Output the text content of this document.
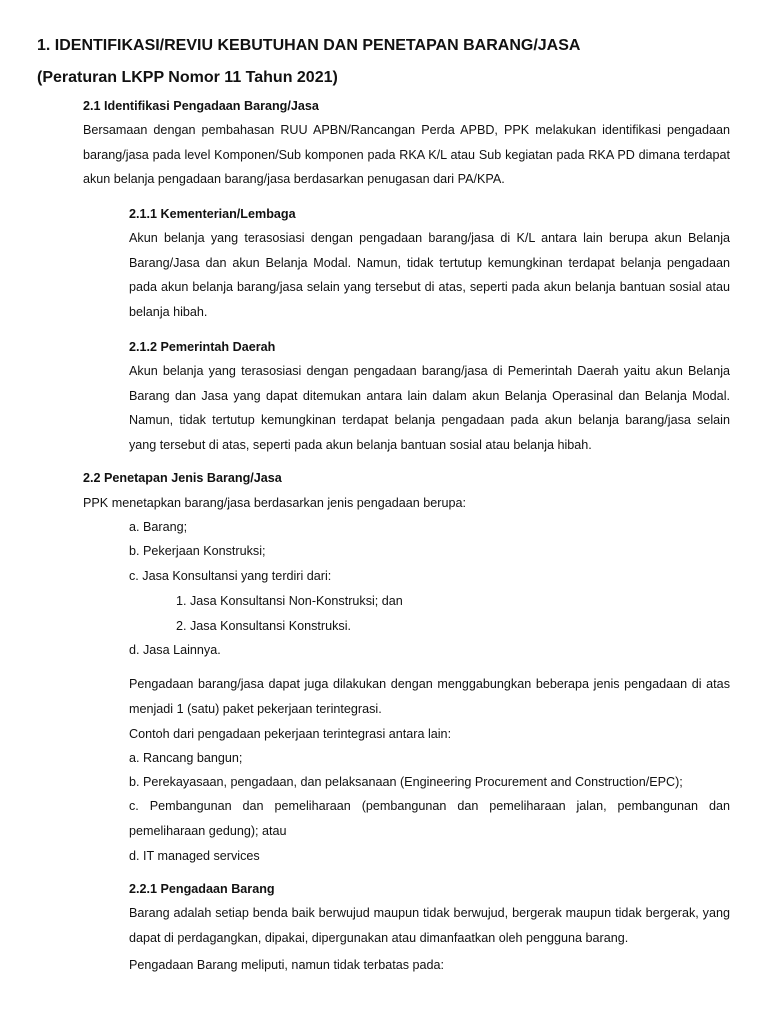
1. IDENTIFIKASI/REVIU KEBUTUHAN DAN PENETAPAN BARANG/JASA
(Peraturan LKPP Nomor 11 Tahun 2021)
2.1 Identifikasi Pengadaan Barang/Jasa

Bersamaan dengan pembahasan RUU APBN/Rancangan Perda APBD, PPK melakukan identifikasi pengadaan barang/jasa pada level Komponen/Sub komponen pada RKA K/L atau Sub kegiatan pada RKA PD dimana terdapat akun belanja pengadaan barang/jasa berdasarkan penugasan dari PA/KPA.

2.1.1 Kementerian/Lembaga

Akun belanja yang terasosiasi dengan pengadaan barang/jasa di K/L antara lain berupa akun Belanja Barang/Jasa dan akun Belanja Modal. Namun, tidak tertutup kemungkinan terdapat belanja pengadaan pada akun belanja barang/jasa selain yang tersebut di atas, seperti pada akun belanja bantuan sosial atau belanja hibah.

2.1.2 Pemerintah Daerah

Akun belanja yang terasosiasi dengan pengadaan barang/jasa di Pemerintah Daerah yaitu akun Belanja Barang dan Jasa yang dapat ditemukan antara lain dalam akun Belanja Operasinal dan Belanja Modal. Namun, tidak tertutup kemungkinan terdapat belanja pengadaan pada akun belanja barang/jasa selain yang tersebut di atas, seperti pada akun belanja bantuan sosial atau belanja hibah.

2.2 Penetapan Jenis Barang/Jasa
PPK menetapkan barang/jasa berdasarkan jenis pengadaan berupa:
a. Barang;
b. Pekerjaan Konstruksi;
c. Jasa Konsultansi yang terdiri dari:
1. Jasa Konsultansi Non-Konstruksi; dan
2. Jasa Konsultansi Konstruksi.
d. Jasa Lainnya.

Pengadaan barang/jasa dapat juga dilakukan dengan menggabungkan beberapa jenis pengadaan di atas menjadi 1 (satu) paket pekerjaan terintegrasi.

Contoh dari pengadaan pekerjaan terintegrasi antara lain:
a. Rancang bangun;
b. Perekayasaan, pengadaan, dan pelaksanaan (Engineering Procurement and Construction/EPC);

c. Pembangunan dan pemeliharaan (pembangunan dan pemeliharaan jalan, pembangunan dan pemeliharaan gedung); atau

d. IT managed services
2.2.1 Pengadaan Barang

Barang adalah setiap benda baik berwujud maupun tidak berwujud, bergerak maupun tidak bergerak, yang dapat di perdagangkan, dipakai, dipergunakan atau dimanfaatkan oleh pengguna barang.

Pengadaan Barang meliputi, namun tidak terbatas pada:
